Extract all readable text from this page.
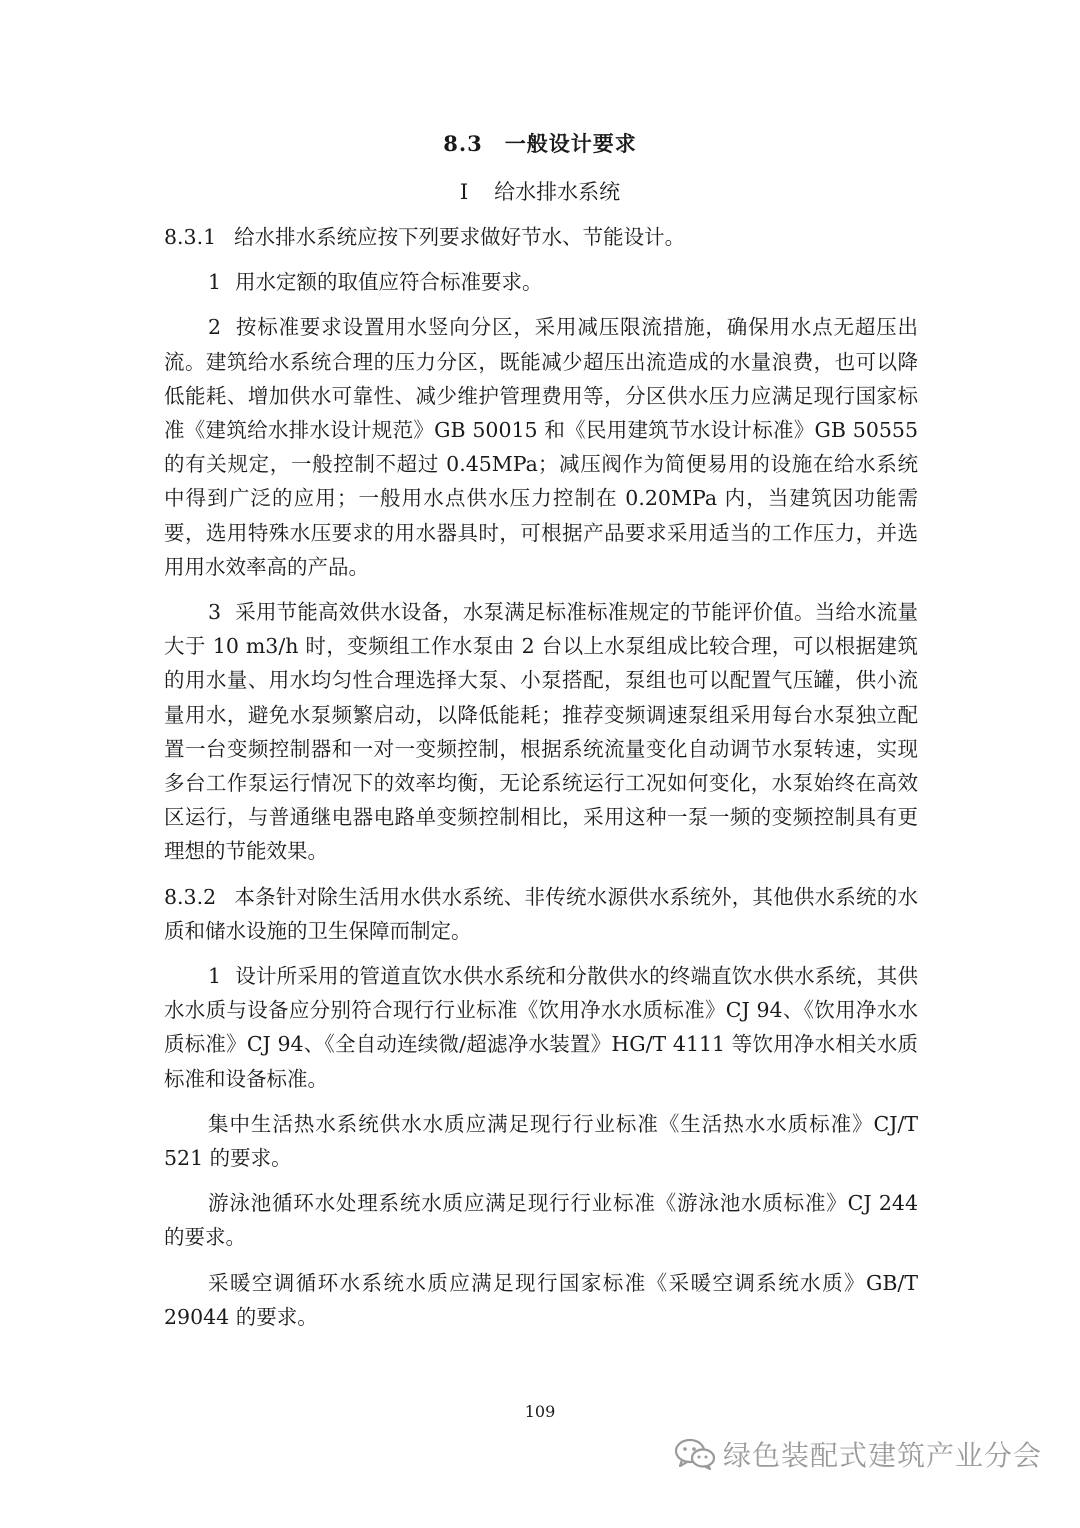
8.3 一般设计要求
Ⅰ 给水排水系统

8.3.1 给水排水系统应按下列要求做好节水、节能设计。

1 用水定额的取值应符合标准要求。

2 按标准要求设置用水竖向分区，采用减压限流措施，确保用水点无超压出流。建筑给水系统合理的压力分区，既能减少超压出流造成的水量浪费，也可以降低能耗、增加供水可靠性、减少维护管理费用等，分区供水压力应满足现行国家标准《建筑给水排水设计规范》GB 50015 和《民用建筑节水设计标准》GB 50555 的有关规定，一般控制不超过 0.45MPa；减压阀作为简便易用的设施在给水系统中得到广泛的应用；一般用水点供水压力控制在 0.20MPa 内，当建筑因功能需要，选用特殊水压要求的用水器具时，可根据产品要求采用适当的工作压力，并选用用水效率高的产品。

3 采用节能高效供水设备，水泵满足标准标准规定的节能评价值。当给水流量大于 10 m3/h 时，变频组工作水泵由 2 台以上水泵组成比较合理，可以根据建筑的用水量、用水均匀性合理选择大泵、小泵搭配，泵组也可以配置气压罐，供小流量用水，避免水泵频繁启动，以降低能耗；推荐变频调速泵组采用每台水泵独立配置一台变频控制器和一对一变频控制，根据系统流量变化自动调节水泵转速，实现多台工作泵运行情况下的效率均衡，无论系统运行工况如何变化，水泵始终在高效区运行，与普通继电器电路单变频控制相比，采用这种一泵一频的变频控制具有更理想的节能效果。

8.3.2 本条针对除生活用水供水系统、非传统水源供水系统外，其他供水系统的水质和储水设施的卫生保障而制定。

1 设计所采用的管道直饮水供水系统和分散供水的终端直饮水供水系统，其供水水质与设备应分别符合现行行业标准《饮用净水水质标准》CJ 94、《饮用净水水质标准》CJ 94、《全自动连续微/超滤净水装置》HG/T 4111 等饮用净水相关水质标准和设备标准。

集中生活热水系统供水水质应满足现行行业标准《生活热水水质标准》CJ/T 521 的要求。

游泳池循环水处理系统水质应满足现行行业标准《游泳池水质标准》CJ 244 的要求。

采暖空调循环水系统水质应满足现行国家标准《采暖空调系统水质》GB/T 29044 的要求。

109
绿色装配式建筑产业分会
